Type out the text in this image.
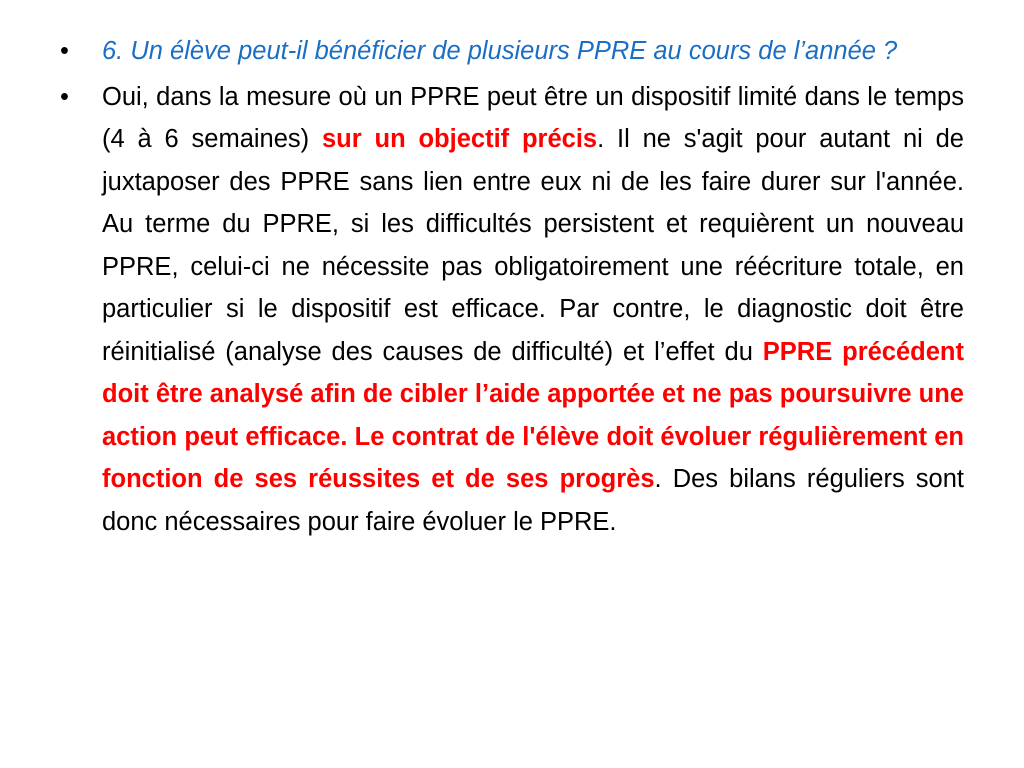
•	6. Un élève peut-il bénéficier de plusieurs PPRE au cours de l’année ?
•	Oui, dans la mesure où un PPRE peut être un dispositif limité dans le temps (4 à 6 semaines) sur un objectif précis. Il ne s'agit pour autant ni de juxtaposer des PPRE sans lien entre eux ni de les faire durer sur l'année. Au terme du PPRE, si les difficultés persistent et requièrent un nouveau PPRE, celui-ci ne nécessite pas obligatoirement une réécriture totale, en particulier si le dispositif est efficace. Par contre, le diagnostic doit être réinitialisé (analyse des causes de difficulté) et l’effet du PPRE précédent doit être analysé afin de cibler l’aide apportée et ne pas poursuivre une action peut efficace. Le contrat de l'élève doit évoluer régulièrement en fonction de ses réussites et de ses progrès. Des bilans réguliers sont donc nécessaires pour faire évoluer le PPRE.
